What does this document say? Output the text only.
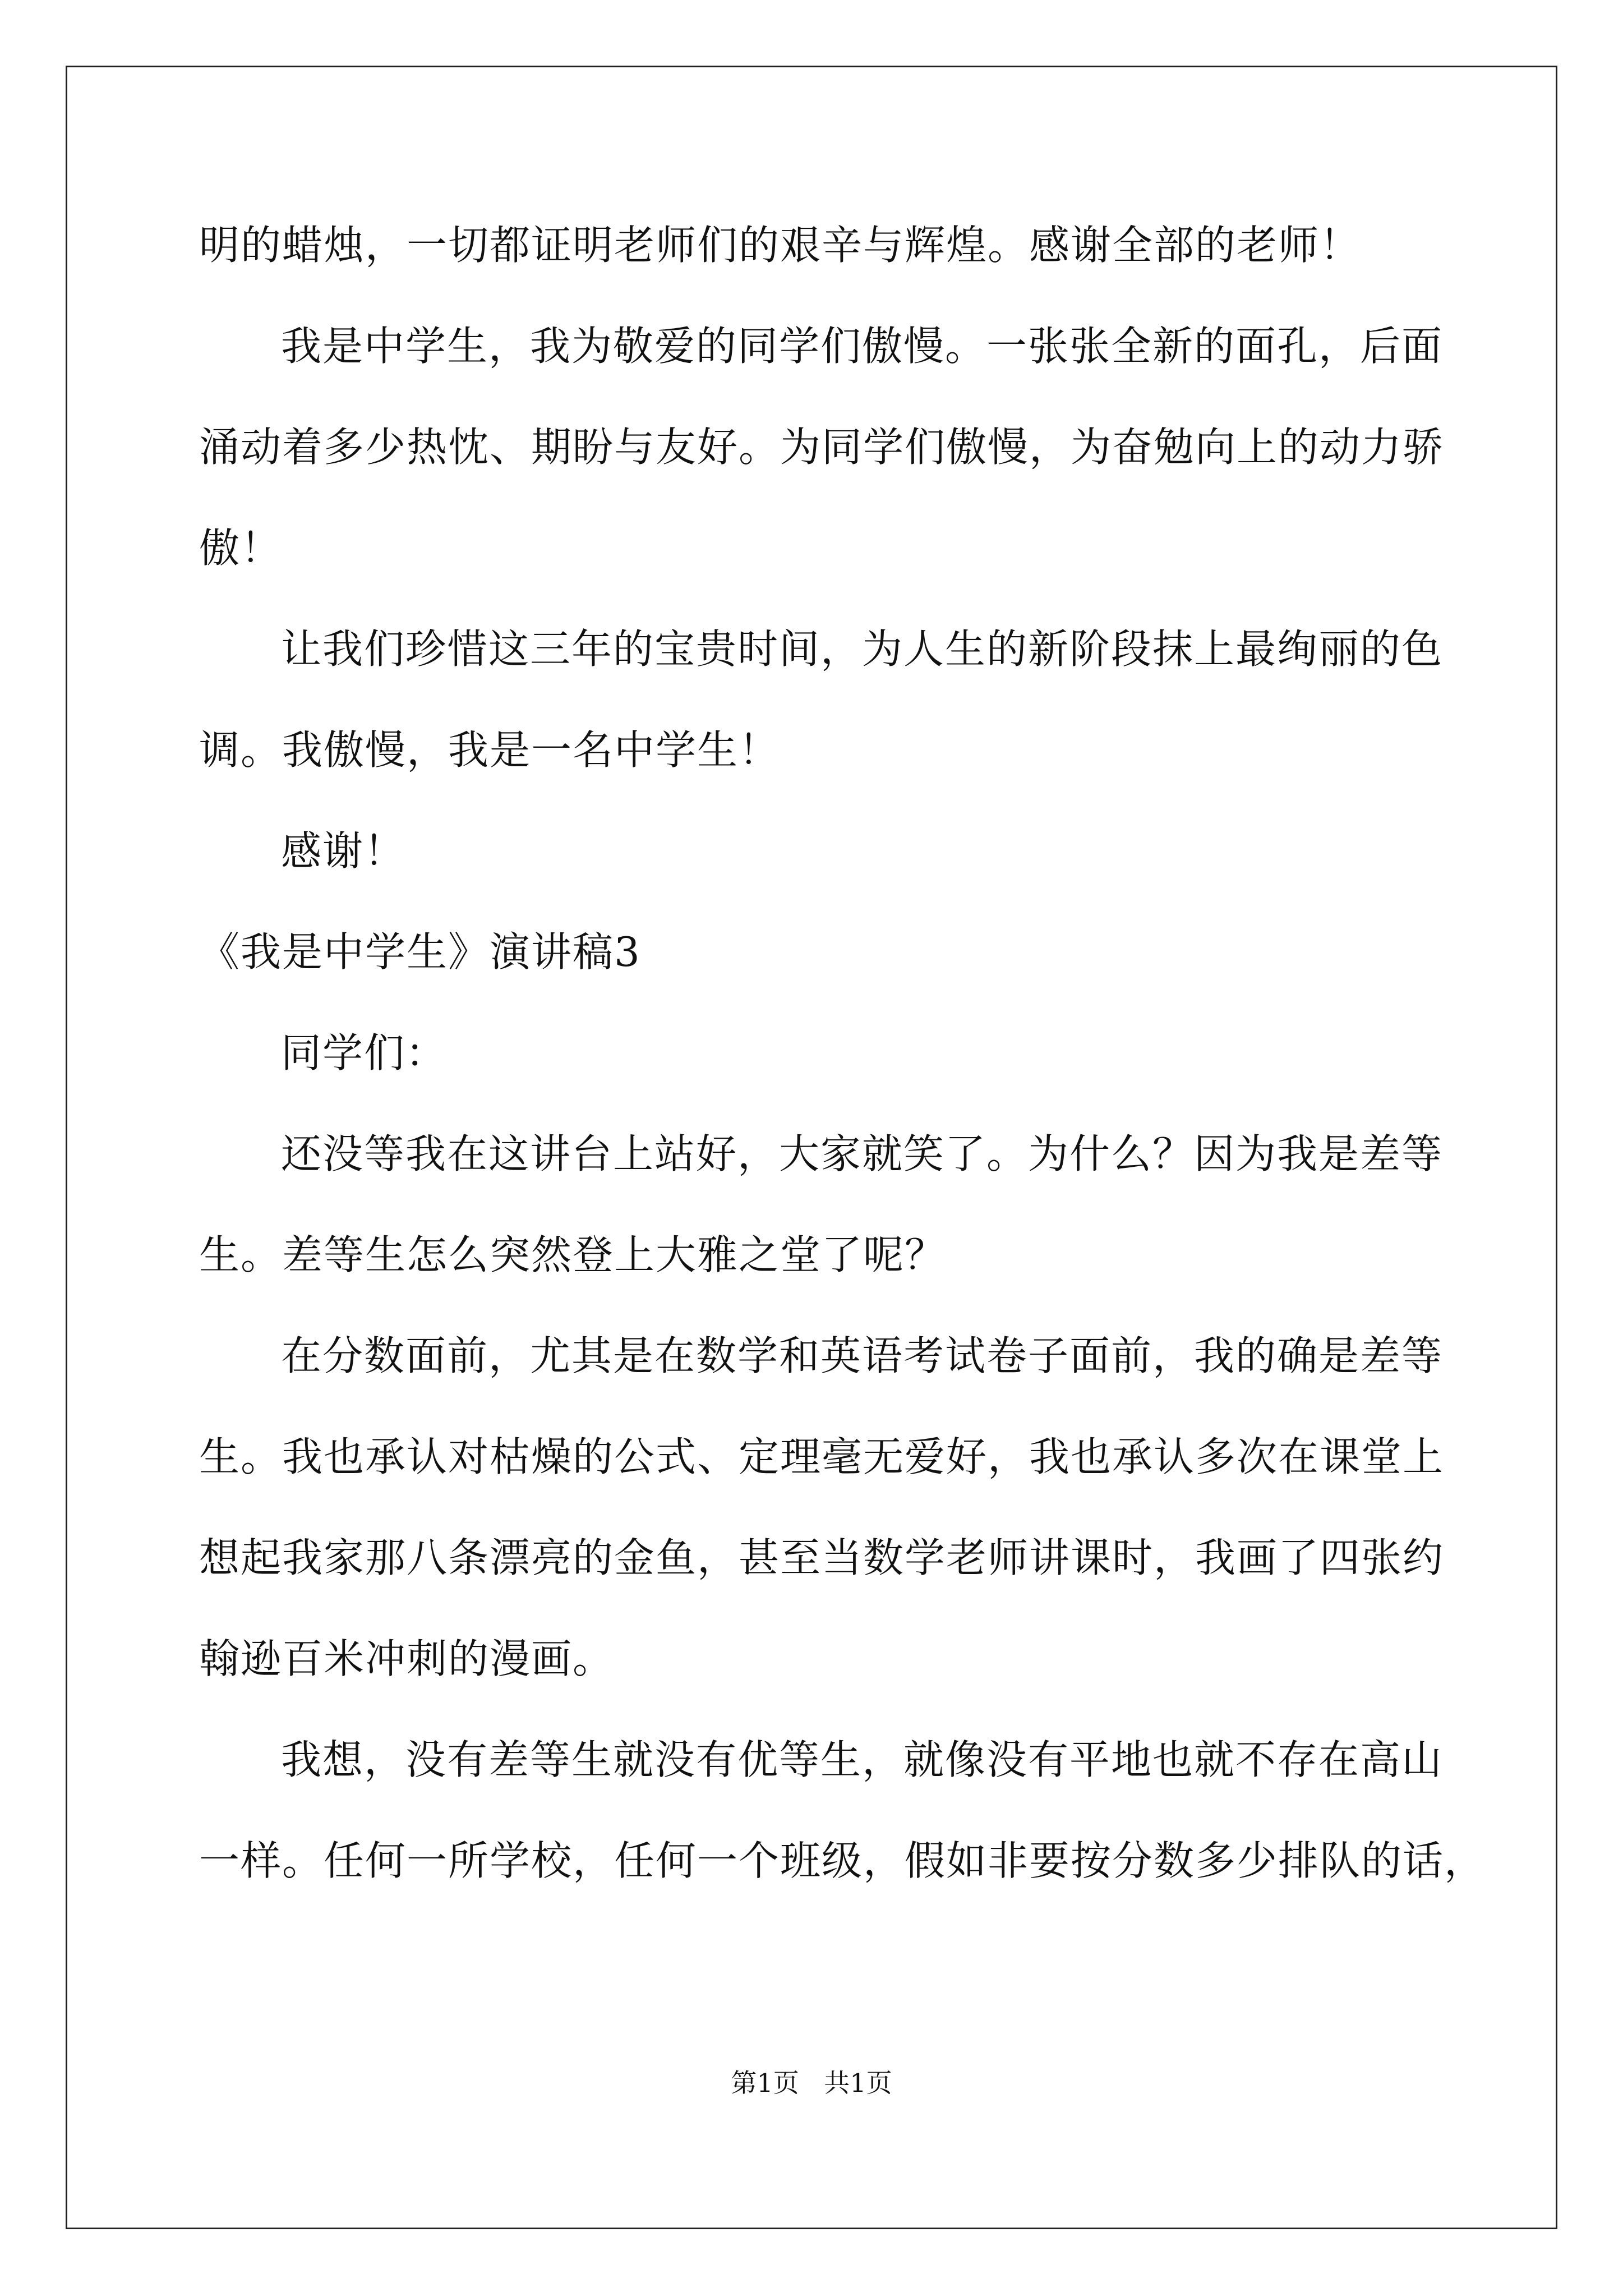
明的蜡烛，一切都证明老师们的艰辛与辉煌。感谢全部的老师！
我是中学生，我为敬爱的同学们傲慢。一张张全新的面孔，后面
涌动着多少热忱、期盼与友好。为同学们傲慢，为奋勉向上的动力骄
傲！
让我们珍惜这三年的宝贵时间，为人生的新阶段抹上最绚丽的色
调。我傲慢，我是一名中学生！
感谢！
《我是中学生》演讲稿3
同学们：
还没等我在这讲台上站好，大家就笑了。为什么？因为我是差等
生。差等生怎么突然登上大雅之堂了呢？
在分数面前，尤其是在数学和英语考试卷子面前，我的确是差等
生。我也承认对枯燥的公式、定理毫无爱好，我也承认多次在课堂上
想起我家那八条漂亮的金鱼，甚至当数学老师讲课时，我画了四张约
翰逊百米冲刺的漫画。
我想，没有差等生就没有优等生，就像没有平地也就不存在高山
一样。任何一所学校，任何一个班级，假如非要按分数多少排队的话，
第1页 共1页
